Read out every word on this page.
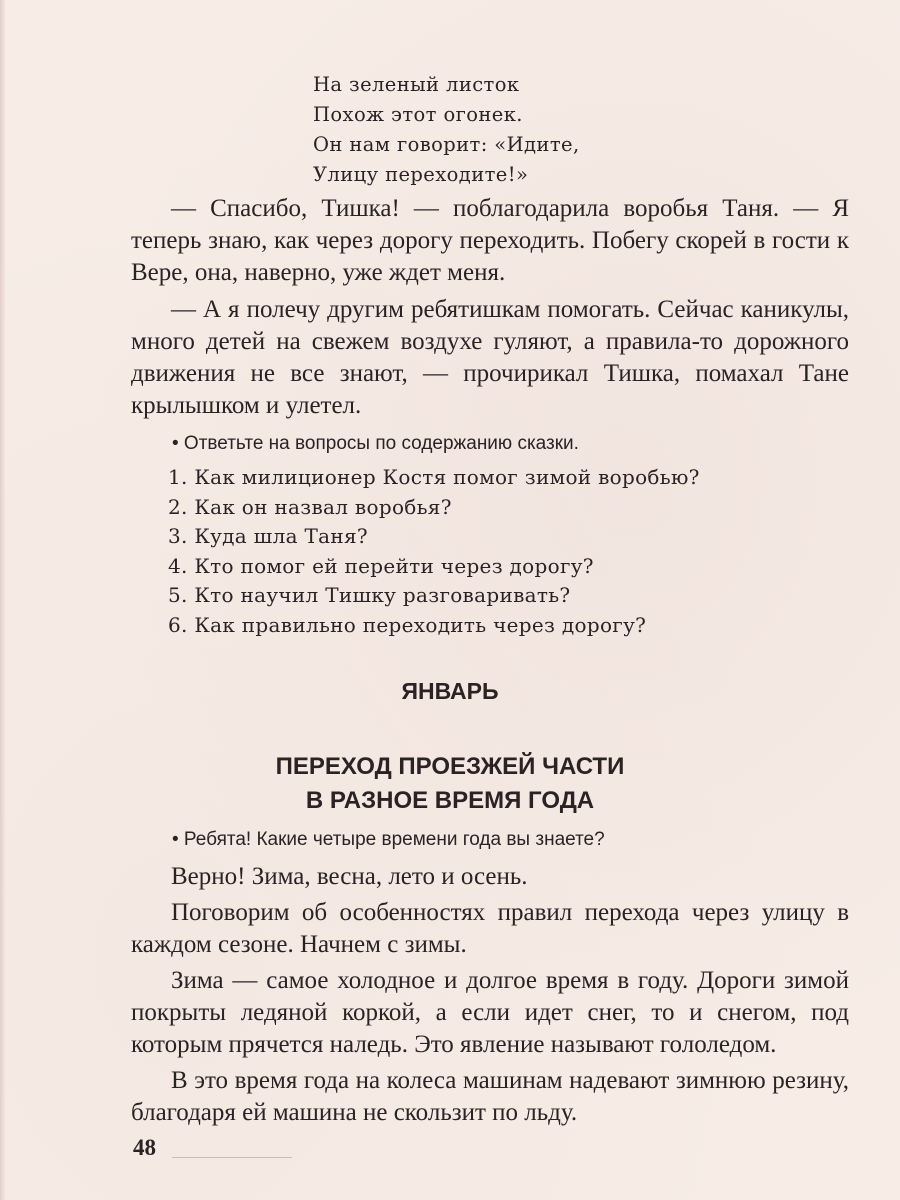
На зеленый листок
Похож этот огонек.
Он нам говорит: «Идите,
Улицу переходите!»

— Спасибо, Тишка! — поблагодарила воробья Таня. — Я теперь знаю, как через дорогу переходить. Побегу скорей в гости к Вере, она, наверно, уже ждет меня.

— А я полечу другим ребятишкам помогать. Сейчас каникулы, много детей на свежем воздухе гуляют, а правила-то дорожного движения не все знают, — прочирикал Тишка, помахал Тане крылышком и улетел.

• Ответьте на вопросы по содержанию сказки.
1. Как милиционер Костя помог зимой воробью?
2. Как он назвал воробья?
3. Куда шла Таня?
4. Кто помог ей перейти через дорогу?
5. Кто научил Тишку разговаривать?
6. Как правильно переходить через дорогу?
ЯНВАРЬ
ПЕРЕХОД ПРОЕЗЖЕЙ ЧАСТИ
В РАЗНОЕ ВРЕМЯ ГОДА
• Ребята! Какие четыре времени года вы знаете?

Верно! Зима, весна, лето и осень.

Поговорим об особенностях правил перехода через улицу в каждом сезоне. Начнем с зимы.

Зима — самое холодное и долгое время в году. Дороги зимой покрыты ледяной коркой, а если идет снег, то и снегом, под которым прячется наледь. Это явление называют гололедом.

В это время года на колеса машинам надевают зимнюю резину, благодаря ей машина не скользит по льду.

48
